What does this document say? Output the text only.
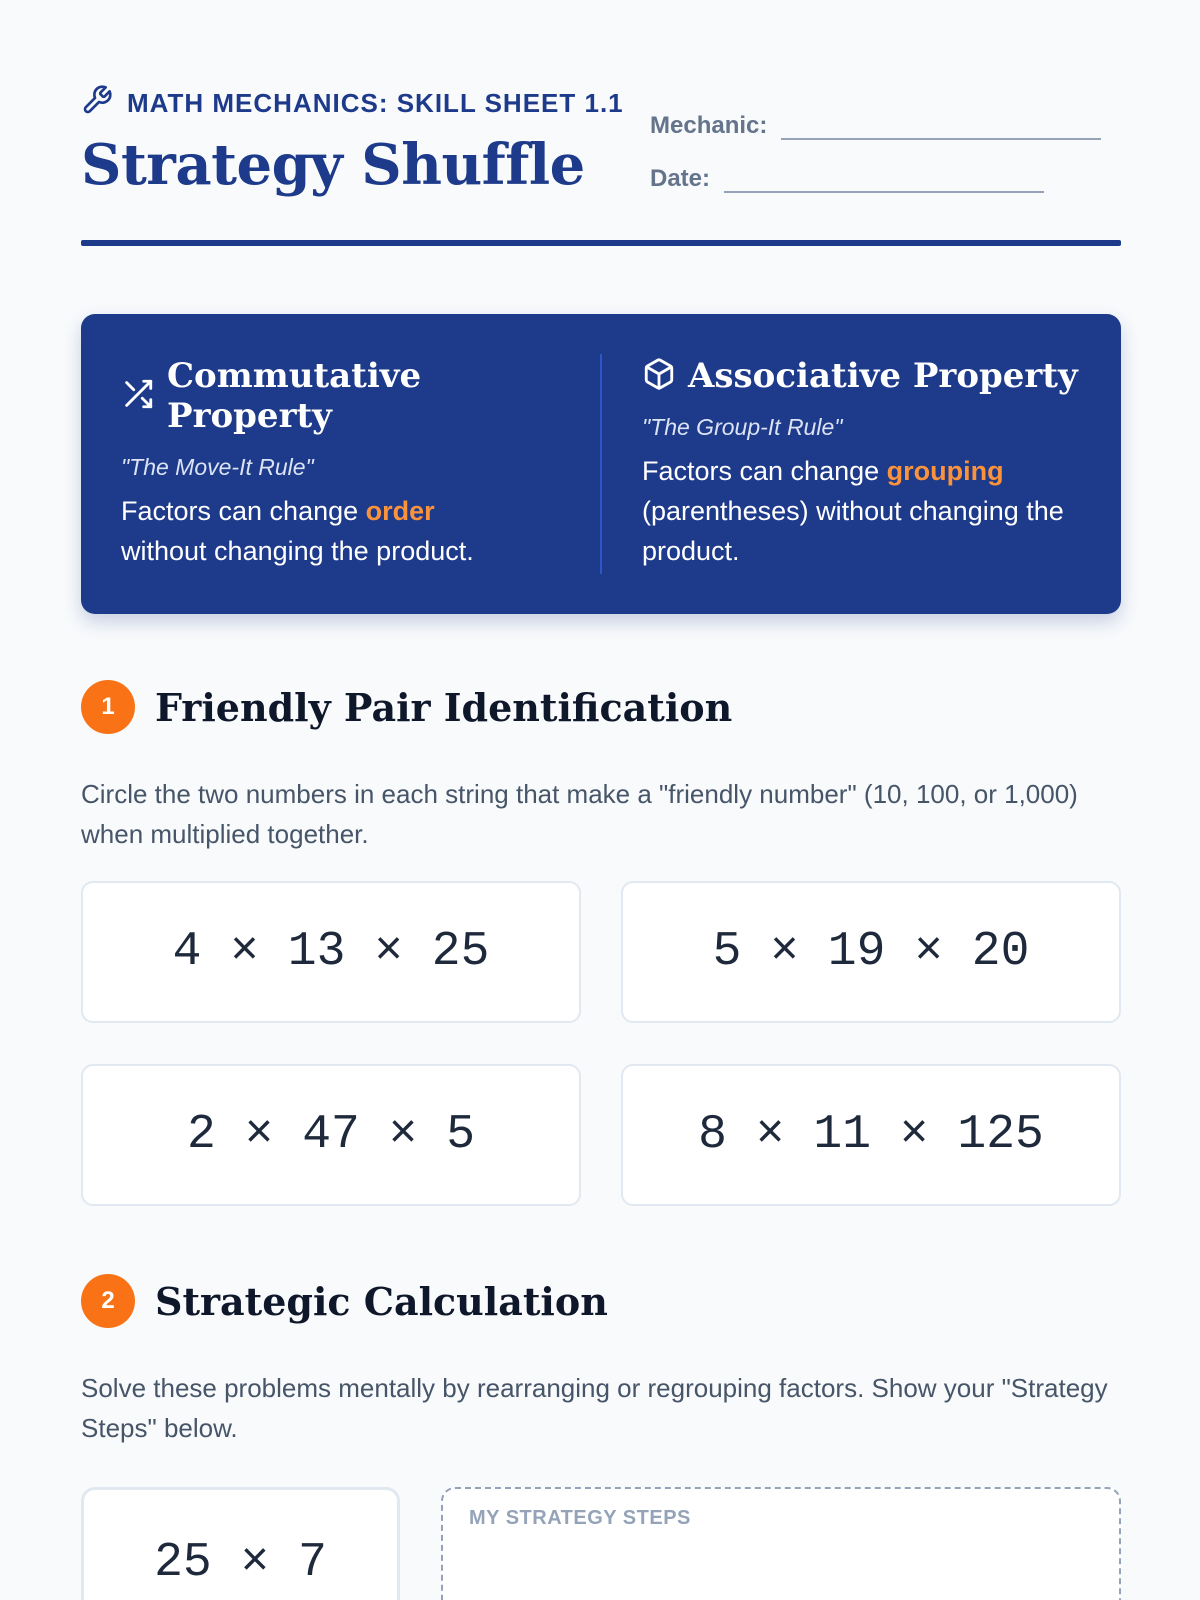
MATH MECHANICS: SKILL SHEET 1.1
Strategy Shuffle
Mechanic:
Date:
Commutative Property
"The Move-It Rule"
Factors can change order
without changing the product.
Associative Property
"The Group-It Rule"
Factors can change grouping
(parentheses) without changing the product.
1	Friendly Pair Identification

Circle the two numbers in each string that make a "friendly number" (10, 100, or 1,000) when multiplied together.

4 × 13 × 25	5 × 19 × 20
2 × 47 × 5	8 × 11 × 125
2	Strategic Calculation

Solve these problems mentally by rearranging or regrouping factors. Show your "Strategy Steps" below.

25 × 7
MY STRATEGY STEPS
